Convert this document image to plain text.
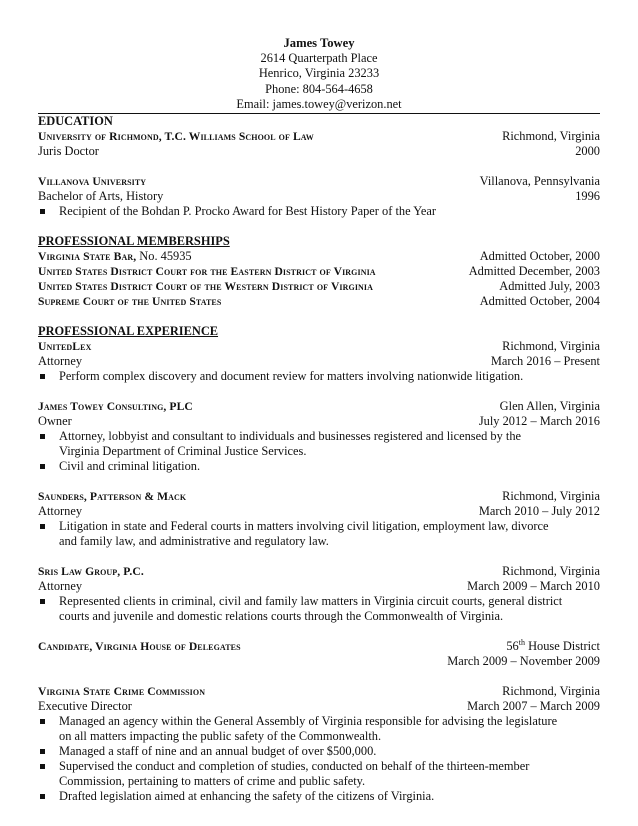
James Towey
2614 Quarterpath Place
Henrico, Virginia 23233
Phone: 804-564-4658
Email: james.towey@verizon.net
EDUCATION
University of Richmond, T.C. Williams School of Law	Richmond, Virginia
Juris Doctor	2000
Villanova University	Villanova, Pennsylvania
Bachelor of Arts, History	1996
Recipient of the Bohdan P. Procko Award for Best History Paper of the Year
PROFESSIONAL MEMBERSHIPS
Virginia State Bar, No. 45935	Admitted October, 2000
United States District Court for the Eastern District of Virginia	Admitted December, 2003
United States District Court of the Western District of Virginia	Admitted July, 2003
Supreme Court of the United States	Admitted October, 2004
PROFESSIONAL EXPERIENCE
UnitedLex	Richmond, Virginia
Attorney	March 2016 – Present
Perform complex discovery and document review for matters involving nationwide litigation.
James Towey Consulting, PLC	Glen Allen, Virginia
Owner	July 2012 – March 2016
Attorney, lobbyist and consultant to individuals and businesses registered and licensed by the
Virginia Department of Criminal Justice Services.
Civil and criminal litigation.
Saunders, Patterson & Mack	Richmond, Virginia
Attorney	March 2010 – July 2012
Litigation in state and Federal courts in matters involving civil litigation, employment law, divorce
and family law, and administrative and regulatory law.
Sris Law Group, P.C.	Richmond, Virginia
Attorney	March 2009 – March 2010
Represented clients in criminal, civil and family law matters in Virginia circuit courts, general district
courts and juvenile and domestic relations courts through the Commonwealth of Virginia.
Candidate, Virginia House of Delegates	56th House District
March 2009 – November 2009
Virginia State Crime Commission	Richmond, Virginia
Executive Director	March 2007 – March 2009
Managed an agency within the General Assembly of Virginia responsible for advising the legislature
on all matters impacting the public safety of the Commonwealth.
Managed a staff of nine and an annual budget of over $500,000.
Supervised the conduct and completion of studies, conducted on behalf of the thirteen-member
Commission, pertaining to matters of crime and public safety.
Drafted legislation aimed at enhancing the safety of the citizens of Virginia.
